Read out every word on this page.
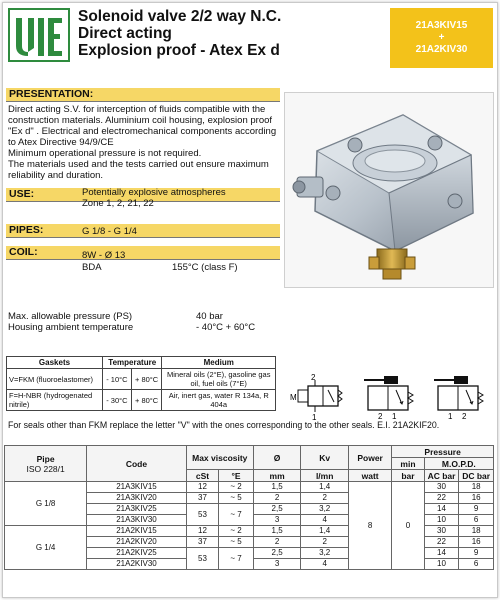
Solenoid valve 2/2 way N.C.
Direct acting
Explosion proof - Atex Ex d
21A3KIV15
+
21A2KIV30
PRESENTATION:
Direct acting S.V. for interception of fluids compatible with the
construction materials. Aluminium coil housing, explosion proof
"Ex d" . Electrical and electromechanical components according
to Atex Directive 94/9/CE
Minimum operational pressure is not required.
The materials used and the tests carried out ensure maximum
reliability and duration.
USE:	Potentially explosive atmospheres
Zone 1, 2, 21, 22
PIPES:	G 1/8 - G 1/4
COIL:	8W - Ø 13
BDA	155°C (class F)
Max. allowable pressure (PS)	40 bar
Housing ambient temperature	- 40°C + 60°C
Gaskets	Temperature		Medium
V=FKM (fluoroelastomer)	- 10°C	+ 80°C	Mineral oils (2°E), gasoline gas oil, fuel oils (7°E)
F=H-NBR (hydrogenated nitrile)	- 30°C	+ 80°C	Air, inert gas, water R 134a, R 404a
2
1
M
2 1	1 2
For seals other than FKM replace the letter "V" with the ones corresponding to the other seals. E.I. 21A2KIF20.
Pipe
ISO 228/1	Code	Max viscosity		Ø	Kv	Power	Pressure		
							min	M.O.P.D.	
		cSt	°E	mm	l/mn	watt	bar	AC bar	DC bar
G 1/8	21A3KIV15	12	~ 2	1,5	1,4	8	0	30	18
	21A3KIV20	37	~ 5	2	2			22	16
	21A3KIV25	53	~ 7	2,5	3,2			14	9
	21A3KIV30			3	4			10	6
G 1/4	21A2KIV15	12	~ 2	1,5	1,4			30	18
	21A2KIV20	37	~ 5	2	2			22	16
	21A2KIV25	53	~ 7	2,5	3,2			14	9
	21A2KIV30			3	4			10	6
